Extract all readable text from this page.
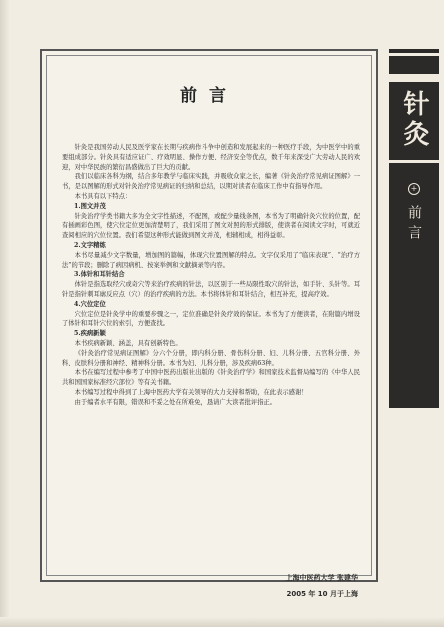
针灸
+
前言
前言

针灸是我国劳动人民及医学家在长期与疾病作斗争中创造和发展起来的一种医疗手段，为中医学中的重要组成部分。针灸具有适应证广、疗效明显、操作方便、经济安全等优点，数千年来深受广大劳动人民的欢迎，对中华民族的繁衍昌盛做出了巨大的贡献。

我们以临床各科为纲，结合多年教学与临床实践，并吸收众家之长，编著《针灸治疗常见病证图解》一书，是以图解的形式对针灸治疗常见病证的归纳和总结，以期对读者在临床工作中有指导作用。

本书具有以下特点：

1.图文并茂

针灸治疗学类书籍大多为全文字性描述，不配图，或配少量线条图，本书为了明确针灸穴位的位置，配有插画彩色图，使穴位定位更加清楚明了，我们采用了图文对照的形式排版，使读者在阅读文字时，可就近查阅相应的穴位位置。我们希望这种形式能做到图文并茂，相辅相成，相得益彰。

2.文字精练

本书尽量减少文字数量，增加图的篇幅，体现穴位置图解的特点。文字仅采用了“临床表现”、“治疗方法”的节段；删除了病因病机、按案举例和文献摘录等内容。

3.体针和耳针结合

体针是指选取经穴或奇穴等来治疗疾病的针法，以区别于一些局限性取穴的针法，如手针、头针等。耳针是指针刺耳廓反应点（穴）的治疗疾病的方法。本书将体针和耳针结合，相互补充，提高疗效。

4.穴位定位

穴位定位是针灸学中的重要步骤之一，定位准确是针灸疗效的保证。本书为了方便读者，在附篇内增设了体针和耳针穴位的索引，方便查找。

5.疾病新颖

本书疾病新颖、涵盖，具有创新特色。

《针灸治疗常见病证图解》分六个分册，即内科分册、骨伤科分册、妇、儿科分册、五官科分册、外科、皮肤科分册和神经、精神科分册。本书为妇、儿科分册，涉及疾病63种。

本书在编写过程中参考了中国中医药出版社出版的《针灸治疗学》和国家技术监督局编写的《中华人民共和国国家标准经穴部位》等有关书籍。

本书编写过程中得到了上海中医药大学有关领导的大力支持和帮助，在此表示感谢！

由于编者水平有限，错误和不妥之处在所难免，恳请广大读者批评指正。

上海中医药大学 张建华
2005 年 10 月于上海
